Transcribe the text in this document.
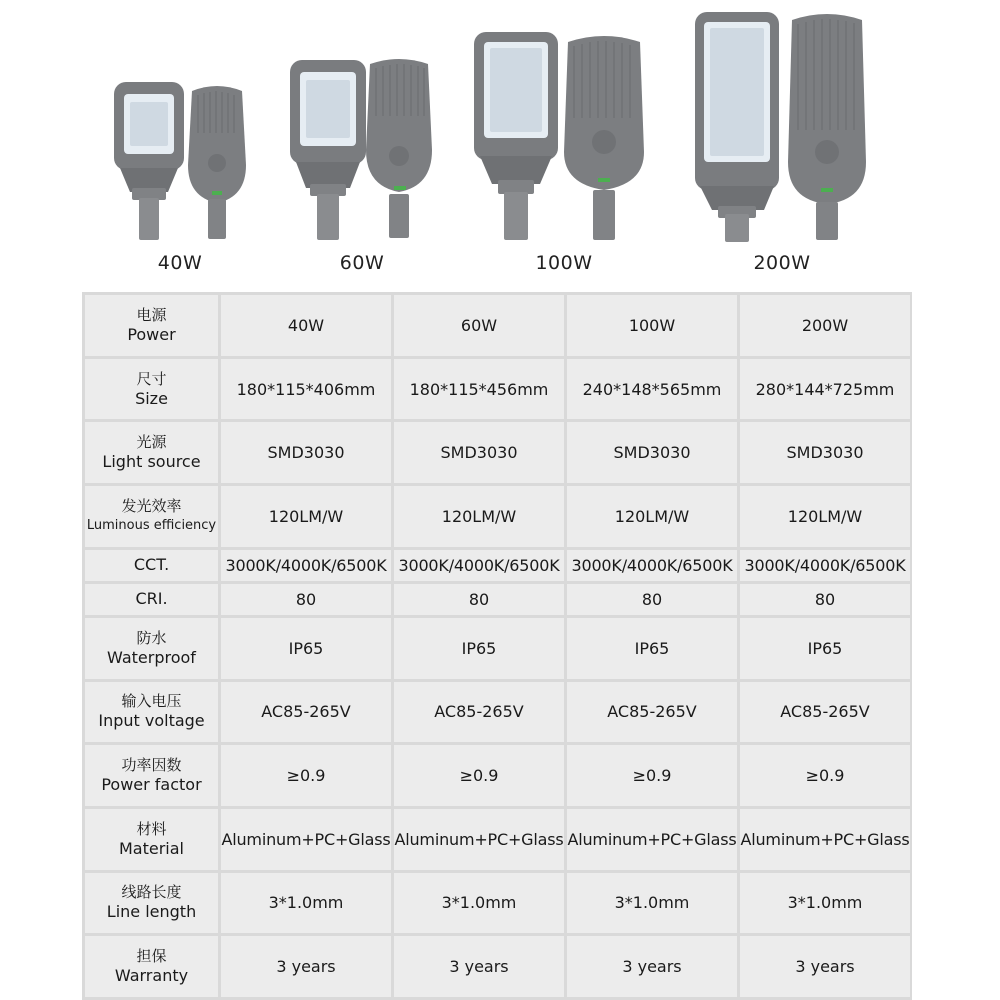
40W	60W	100W	200W
电源
Power	40W	60W	100W	200W

尺寸
Size	180*115*406mm	180*115*456mm	240*148*565mm	280*144*725mm

光源
Light source	SMD3030	SMD3030	SMD3030	SMD3030

发光效率
Luminous efficiency	120LM/W	120LM/W	120LM/W	120LM/W

CCT.	3000K/4000K/6500K	3000K/4000K/6500K	3000K/4000K/6500K	3000K/4000K/6500K

CRI.	80	80	80	80

防水
Waterproof	IP65	IP65	IP65	IP65

输入电压
Input voltage	AC85-265V	AC85-265V	AC85-265V	AC85-265V

功率因数
Power factor	≥0.9	≥0.9	≥0.9	≥0.9

材料
Material	Aluminum+PC+Glass	Aluminum+PC+Glass	Aluminum+PC+Glass	Aluminum+PC+Glass

线路长度
Line length	3*1.0mm	3*1.0mm	3*1.0mm	3*1.0mm

担保
Warranty	3 years	3 years	3 years	3 years
